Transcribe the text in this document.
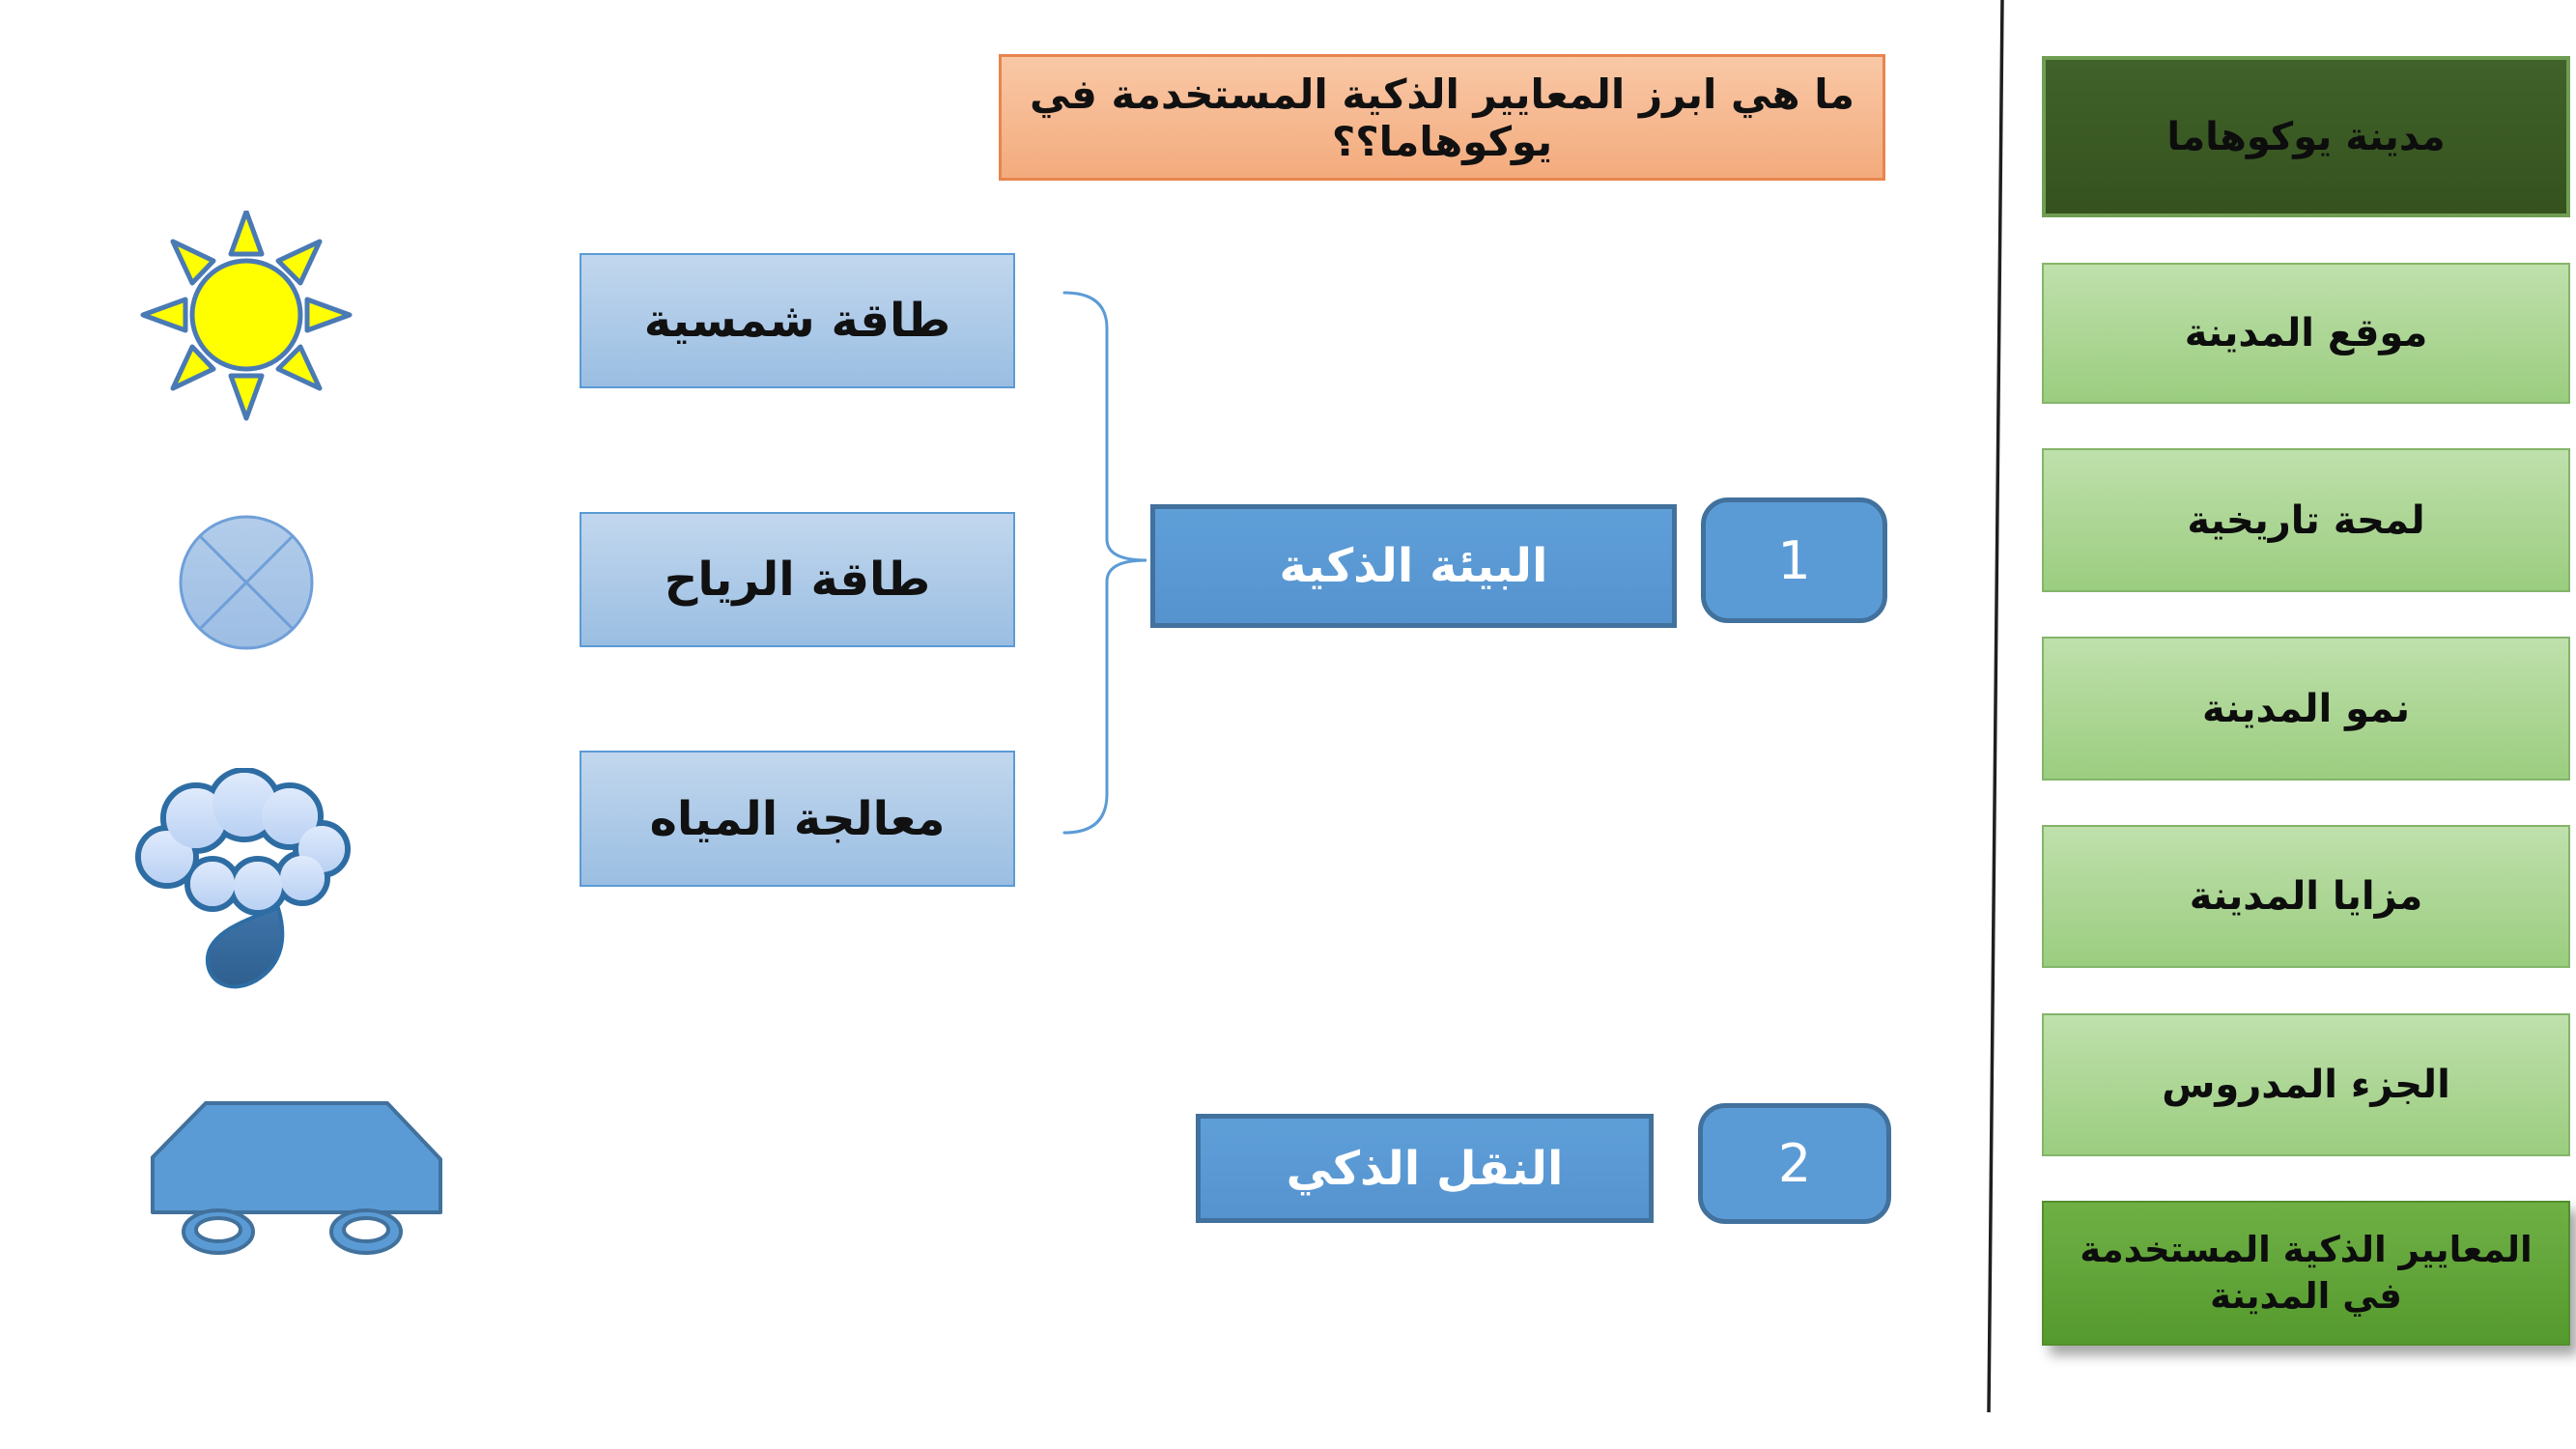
ما هي ابرز المعايير الذكية المستخدمة في يوكوهاما؟؟	مدينة يوكوهاما
موقع المدينة
لمحة تاريخية
نمو المدينة
مزايا المدينة
الجزء المدروس
المعايير الذكية المستخدمة في المدينة
طاقة شمسية
طاقة الرياح
معالجة المياه
البيئة الذكية	1
النقل الذكي	2
